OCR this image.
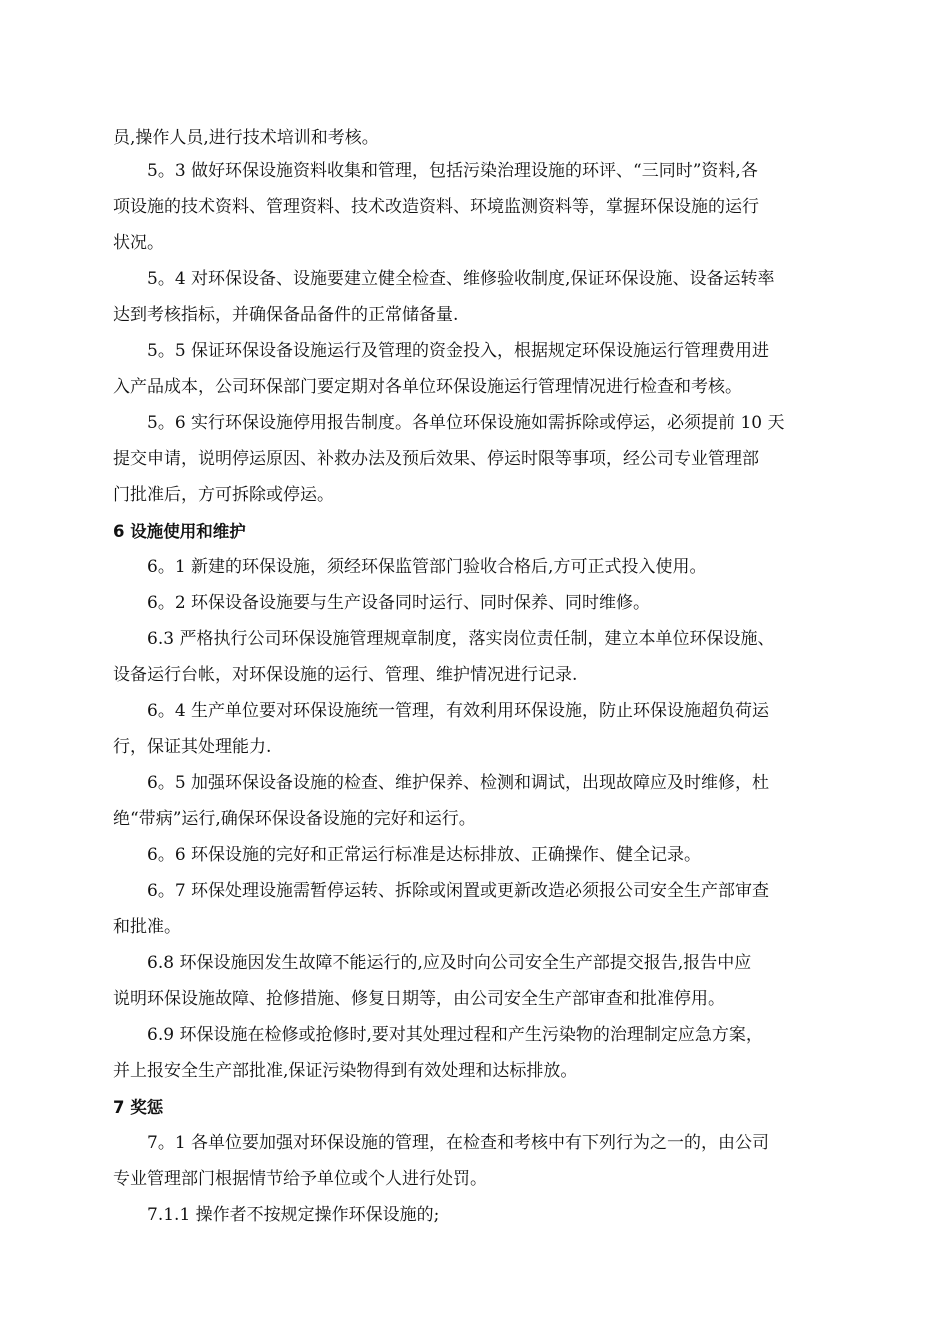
员,操作人员,进行技术培训和考核。
5。3 做好环保设施资料收集和管理，包括污染治理设施的环评、“三同时”资料,各
项设施的技术资料、管理资料、技术改造资料、环境监测资料等，掌握环保设施的运行
状况。
5。4 对环保设备、设施要建立健全检查、维修验收制度,保证环保设施、设备运转率
达到考核指标，并确保备品备件的正常储备量.
5。5 保证环保设备设施运行及管理的资金投入，根据规定环保设施运行管理费用进
入产品成本，公司环保部门要定期对各单位环保设施运行管理情况进行检查和考核。
5。6 实行环保设施停用报告制度。各单位环保设施如需拆除或停运，必须提前 10 天
提交申请，说明停运原因、补救办法及预后效果、停运时限等事项，经公司专业管理部
门批准后，方可拆除或停运。
6 设施使用和维护
6。1 新建的环保设施，须经环保监管部门验收合格后,方可正式投入使用。
6。2 环保设备设施要与生产设备同时运行、同时保养、同时维修。
6.3 严格执行公司环保设施管理规章制度，落实岗位责任制，建立本单位环保设施、
设备运行台帐，对环保设施的运行、管理、维护情况进行记录.
6。4 生产单位要对环保设施统一管理，有效利用环保设施，防止环保设施超负荷运
行，保证其处理能力.
6。5 加强环保设备设施的检查、维护保养、检测和调试，出现故障应及时维修，杜
绝“带病”运行,确保环保设备设施的完好和运行。
6。6 环保设施的完好和正常运行标准是达标排放、正确操作、健全记录。
6。7 环保处理设施需暂停运转、拆除或闲置或更新改造必须报公司安全生产部审查
和批准。
6.8 环保设施因发生故障不能运行的,应及时向公司安全生产部提交报告,报告中应
说明环保设施故障、抢修措施、修复日期等，由公司安全生产部审查和批准停用。
6.9 环保设施在检修或抢修时,要对其处理过程和产生污染物的治理制定应急方案，
并上报安全生产部批准,保证污染物得到有效处理和达标排放。
7 奖惩
7。1 各单位要加强对环保设施的管理，在检查和考核中有下列行为之一的，由公司
专业管理部门根据情节给予单位或个人进行处罚。
7.1.1 操作者不按规定操作环保设施的;
